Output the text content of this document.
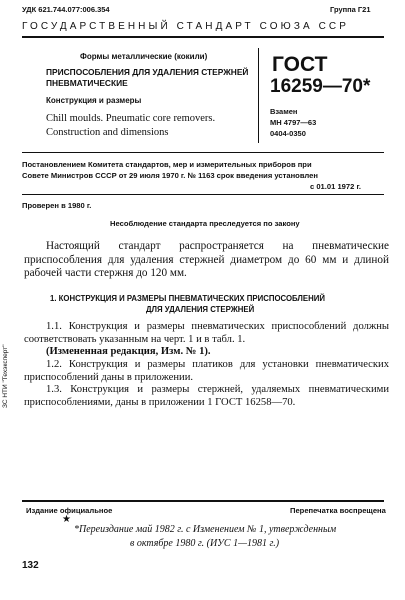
УДК 621.744.077:006.354	Группа Г21
ГОСУДАРСТВЕННЫЙ СТАНДАРТ СОЮЗА ССР
Формы металлические (кокили)
ПРИСПОСОБЛЕНИЯ ДЛЯ УДАЛЕНИЯ СТЕРЖНЕЙ
ПНЕВМАТИЧЕСКИЕ
Конструкция и размеры
Chill moulds. Pneumatic core removers.
Construction and dimensions
ГОСТ
16259—70*
Взамен
МН 4797—63
0404-0350
Постановлением Комитета стандартов, мер и измерительных приборов при
Совете Министров СССР от 29 июля 1970 г. № 1163 срок введения установлен
с 01.01 1972 г.
Проверен в 1980 г.
Несоблюдение стандарта преследуется по закону
Настоящий стандарт распространяется на пневматические приспособления для удаления стержней диаметром до 60 мм и длиной рабочей части стержня до 120 мм.
1. КОНСТРУКЦИЯ И РАЗМЕРЫ ПНЕВМАТИЧЕСКИХ ПРИСПОСОБЛЕНИЙ
ДЛЯ УДАЛЕНИЯ СТЕРЖНЕЙ
1.1. Конструкция и размеры пневматических приспособлений должны соответствовать указанным на черт. 1 и в табл. 1.
(Измененная редакция, Изм. № 1).
1.2. Конструкция и размеры платиков для установки пневматических приспособлений даны в приложении.
1.3. Конструкция и размеры стержней, удаляемых пневматическими приспособлениями, даны в приложении 1 ГОСТ 16258—70.
ЗС НТИ "Техэксперт"
Издание официальное	Перепечатка воспрещена
★
*Переиздание май 1982 г. с Изменением № 1, утвержденным
в октябре 1980 г. (ИУС 1—1981 г.)
132
